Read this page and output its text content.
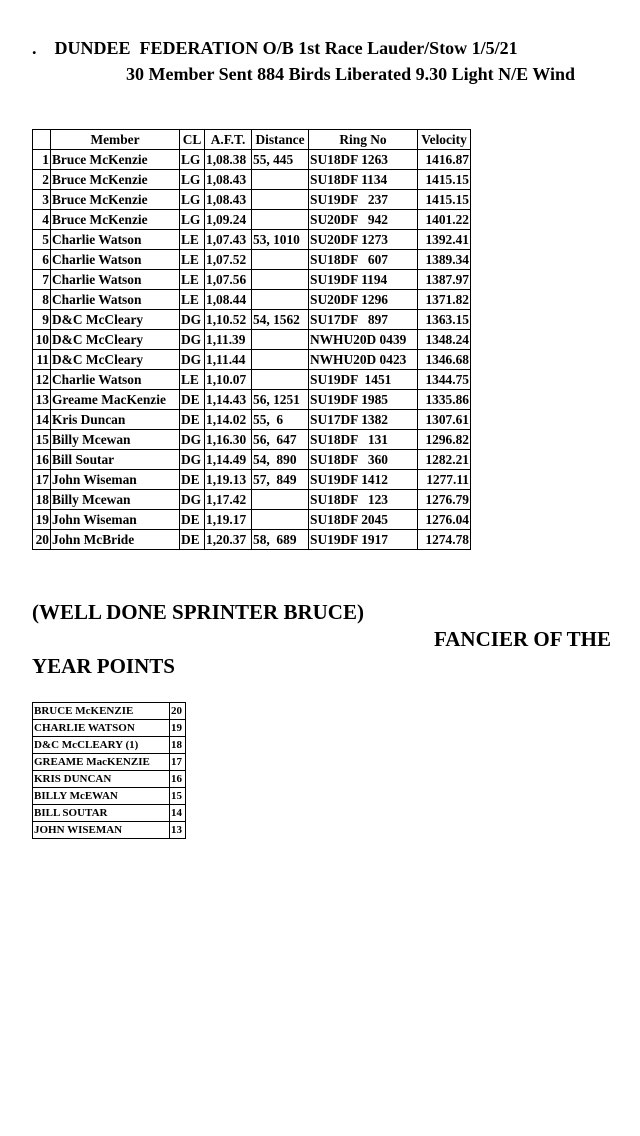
.    DUNDEE  FEDERATION O/B 1st Race Lauder/Stow 1/5/21
30 Member Sent 884 Birds Liberated 9.30 Light N/E Wind
	Member	CL	A.F.T.	Distance	Ring No	Velocity
1	Bruce McKenzie	LG	1,08.38	55, 445	SU18DF 1263	1416.87
2	Bruce McKenzie	LG	1,08.43		SU18DF 1134	1415.15
3	Bruce McKenzie	LG	1,08.43		SU19DF   237	1415.15
4	Bruce McKenzie	LG	1,09.24		SU20DF   942	1401.22
5	Charlie Watson	LE	1,07.43	53, 1010	SU20DF 1273	1392.41
6	Charlie Watson	LE	1,07.52		SU18DF   607	1389.34
7	Charlie Watson	LE	1,07.56		SU19DF 1194	1387.97
8	Charlie Watson	LE	1,08.44		SU20DF 1296	1371.82
9	D&C McCleary	DG	1,10.52	54, 1562	SU17DF   897	1363.15
10	D&C McCleary	DG	1,11.39		NWHU20D 0439	1348.24
11	D&C McCleary	DG	1,11.44		NWHU20D 0423	1346.68
12	Charlie Watson	LE	1,10.07		SU19DF  1451	1344.75
13	Greame MacKenzie	DE	1,14.43	56, 1251	SU19DF 1985	1335.86
14	Kris Duncan	DE	1,14.02	55,  6	SU17DF 1382	1307.61
15	Billy Mcewan	DG	1,16.30	56,  647	SU18DF   131	1296.82
16	Bill Soutar	DG	1,14.49	54,  890	SU18DF   360	1282.21
17	John Wiseman	DE	1,19.13	57,  849	SU19DF 1412	1277.11
18	Billy Mcewan	DG	1,17.42		SU18DF   123	1276.79
19	John Wiseman	DE	1,19.17		SU18DF 2045	1276.04
20	John McBride	DE	1,20.37	58,  689	SU19DF 1917	1274.78
(WELL DONE SPRINTER BRUCE)
FANCIER OF THE
YEAR POINTS
BRUCE McKENZIE	20
CHARLIE WATSON	19
D&C McCLEARY (1)	18
GREAME MacKENZIE	17
KRIS DUNCAN	16
BILLY McEWAN	15
BILL SOUTAR	14
JOHN WISEMAN	13
